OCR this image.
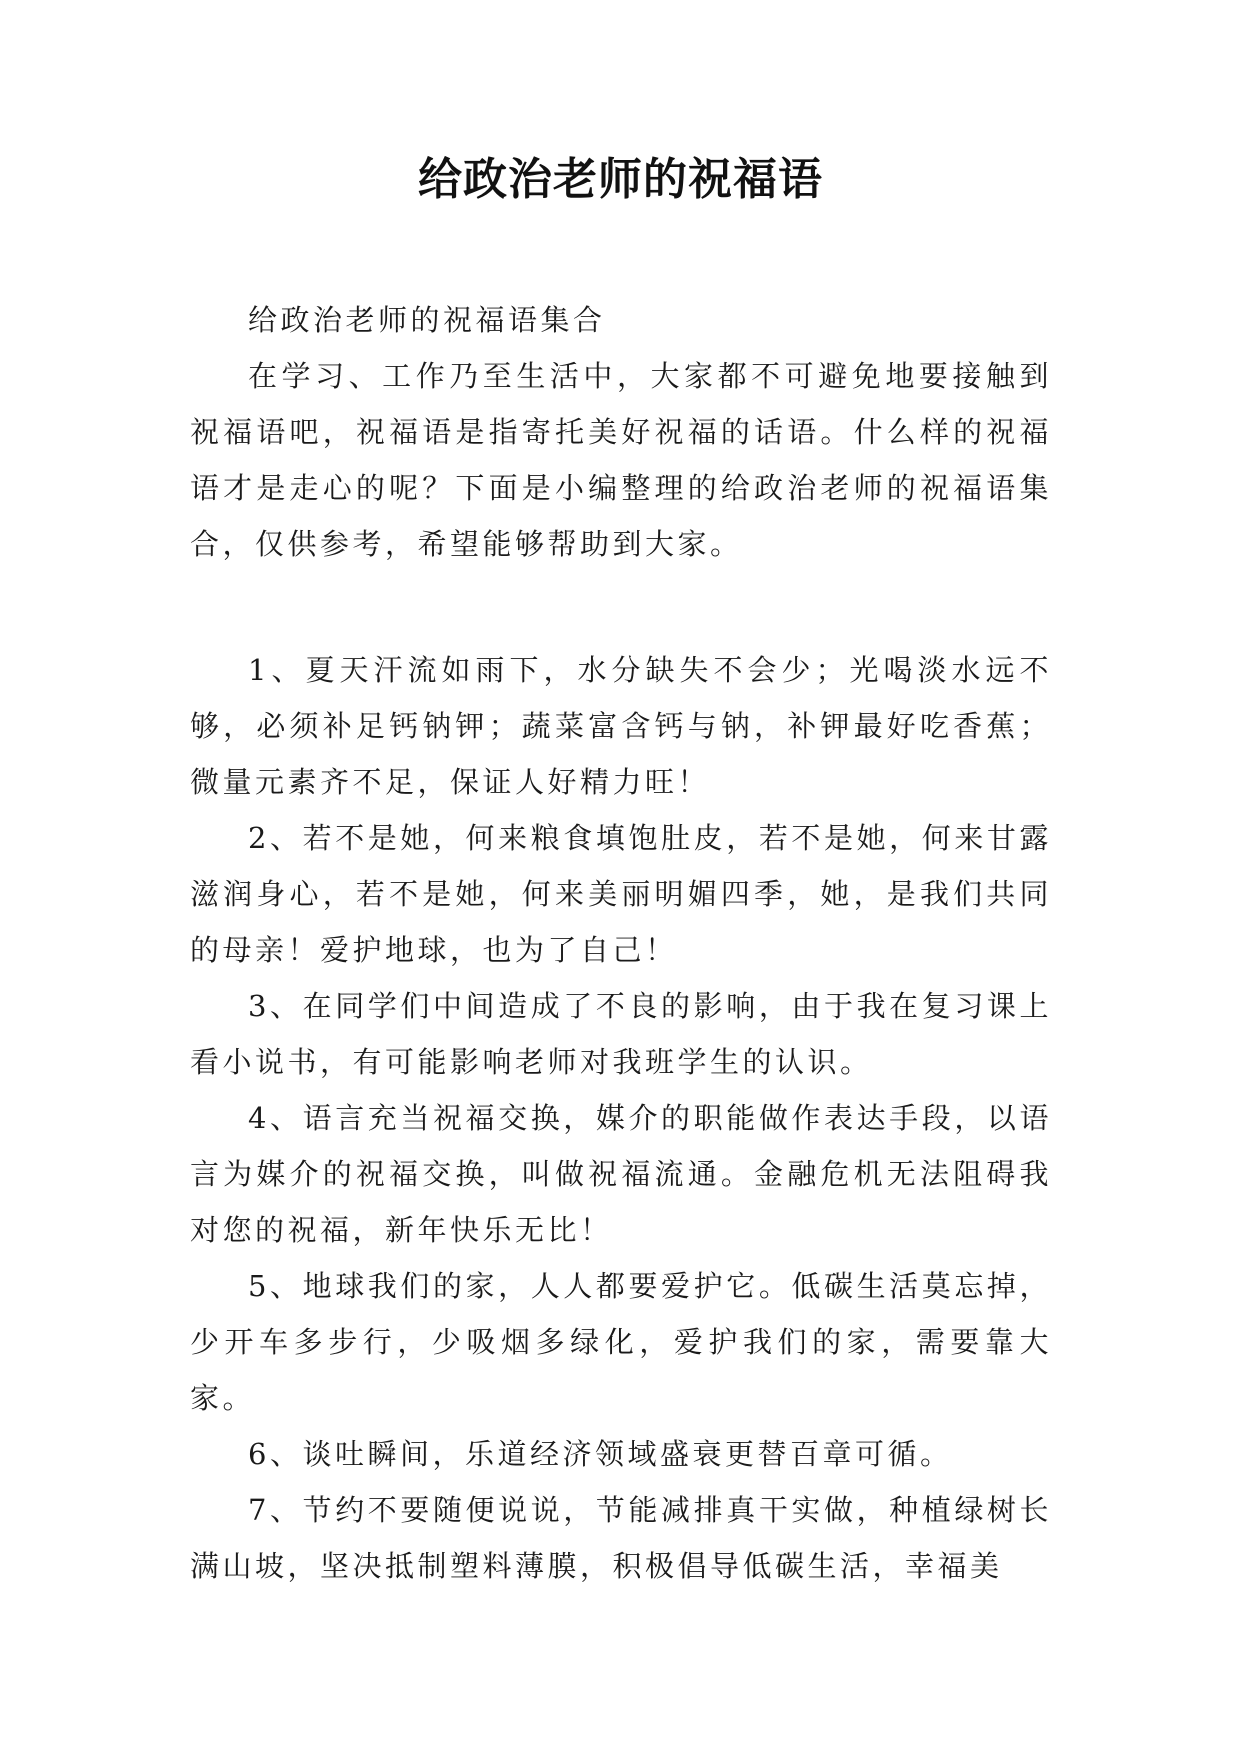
给政治老师的祝福语

给政治老师的祝福语集合

在学习、工作乃至生活中，大家都不可避免地要接触到祝福语吧，祝福语是指寄托美好祝福的话语。什么样的祝福语才是走心的呢？下面是小编整理的给政治老师的祝福语集合，仅供参考，希望能够帮助到大家。

1、夏天汗流如雨下，水分缺失不会少；光喝淡水远不够，必须补足钙钠钾；蔬菜富含钙与钠，补钾最好吃香蕉；微量元素齐不足，保证人好精力旺！

2、若不是她，何来粮食填饱肚皮，若不是她，何来甘露滋润身心，若不是她，何来美丽明媚四季，她，是我们共同的母亲！爱护地球，也为了自己！

3、在同学们中间造成了不良的影响，由于我在复习课上看小说书，有可能影响老师对我班学生的认识。

4、语言充当祝福交换，媒介的职能做作表达手段，以语言为媒介的祝福交换，叫做祝福流通。金融危机无法阻碍我对您的祝福，新年快乐无比！

5、地球我们的家，人人都要爱护它。低碳生活莫忘掉，少开车多步行，少吸烟多绿化，爱护我们的家，需要靠大家。

6、谈吐瞬间，乐道经济领域盛衰更替百章可循。

7、节约不要随便说说，节能减排真干实做，种植绿树长满山坡，坚决抵制塑料薄膜，积极倡导低碳生活，幸福美
